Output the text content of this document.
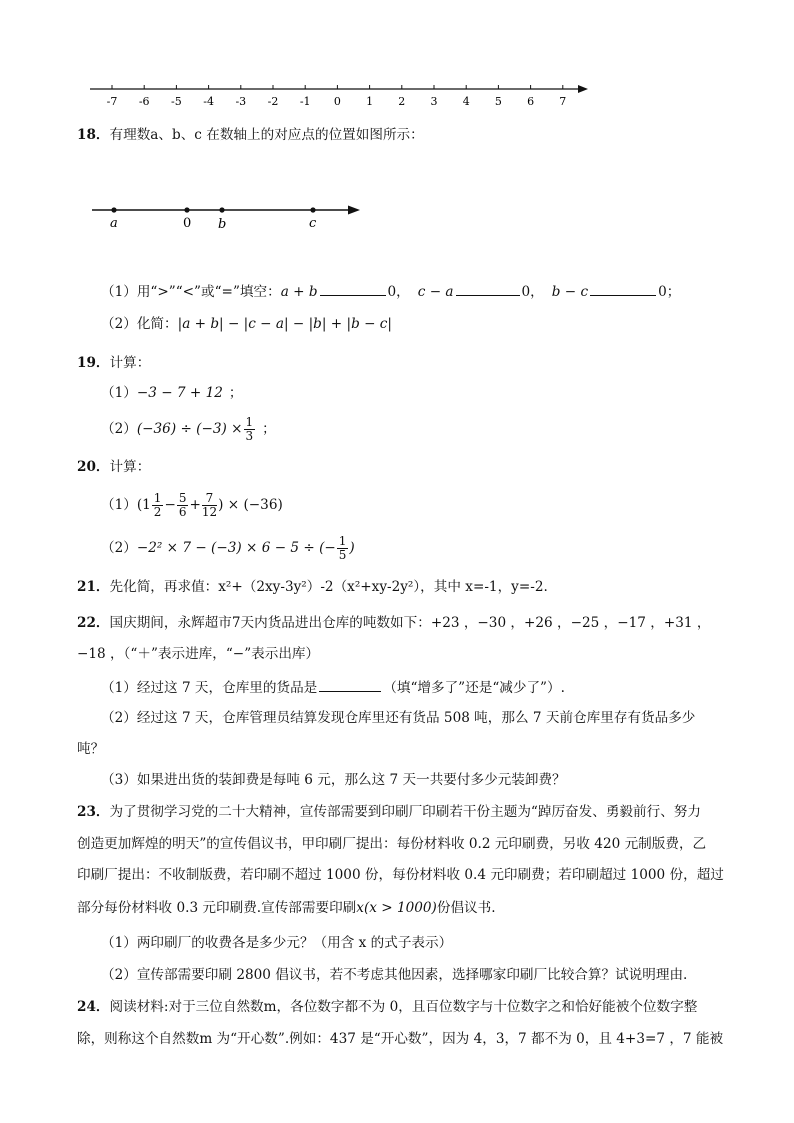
-7 -6 -5 -4 -3 -2 -1 0 1 2 3 4 5 6 7
18．有理数a、b、c 在数轴上的对应点的位置如图所示：
a	0 b	c
（1）用“>”“<”或“=”填空：a + b	0， c − a	0， b − c	0；
（2）化简：|a + b| − |c − a| − |b| + |b − c|
19．计算：
（1）−3 − 7 + 12 ；
$(2)(-36) \div (-3) \times \frac{1}{3}$ ；
20．计算：
$(1)(1 \frac{1}{2} - \frac{5}{6} + \frac{7}{12}$ ) × (−36)
（2）−2² × 7 − (−3) × 6 − 5 ÷ (− $\frac{1}{5}$ )
21．先化简，再求值：x²+（2xy-3y²）-2（x²+xy-2y²），其中 x=-1，y=-2.
22．国庆期间，永辉超市7天内货品进出仓库的吨数如下：+23 ，−30 ，+26 ，−25 ，−17 ，+31 ，
−18 ，（“＋”表示进库，“−”表示出库）
（1）经过这 7 天，仓库里的货品是	（填“增多了”还是“减少了”）.
（2）经过这 7 天，仓库管理员结算发现仓库里还有货品 508 吨，那么 7 天前仓库里存有货品多少
吨？
（3）如果进出货的装卸费是每吨 6 元，那么这 7 天一共要付多少元装卸费？
23．为了贯彻学习党的二十大精神，宣传部需要到印刷厂印刷若干份主题为“踔厉奋发、勇毅前行、努力
创造更加辉煌的明天”的宣传倡议书，甲印刷厂提出：每份材料收 0.2 元印刷费，另收 420 元制版费，乙
印刷厂提出：不收制版费，若印刷不超过 1000 份，每份材料收 0.4 元印刷费；若印刷超过 1000 份，超过
部分每份材料收 0.3 元印刷费.宣传部需要印刷x(x > 1000)份倡议书.
（1）两印刷厂的收费各是多少元？（用含 x 的式子表示）
（2）宣传部需要印刷 2800 倡议书，若不考虑其他因素，选择哪家印刷厂比较合算？试说明理由.
24．阅读材料:对于三位自然数m，各位数字都不为 0，且百位数字与十位数字之和恰好能被个位数字整
除，则称这个自然数m 为“开心数”.例如：437 是“开心数”，因为 4，3，7 都不为 0，且 4+3=7 ，7 能被
